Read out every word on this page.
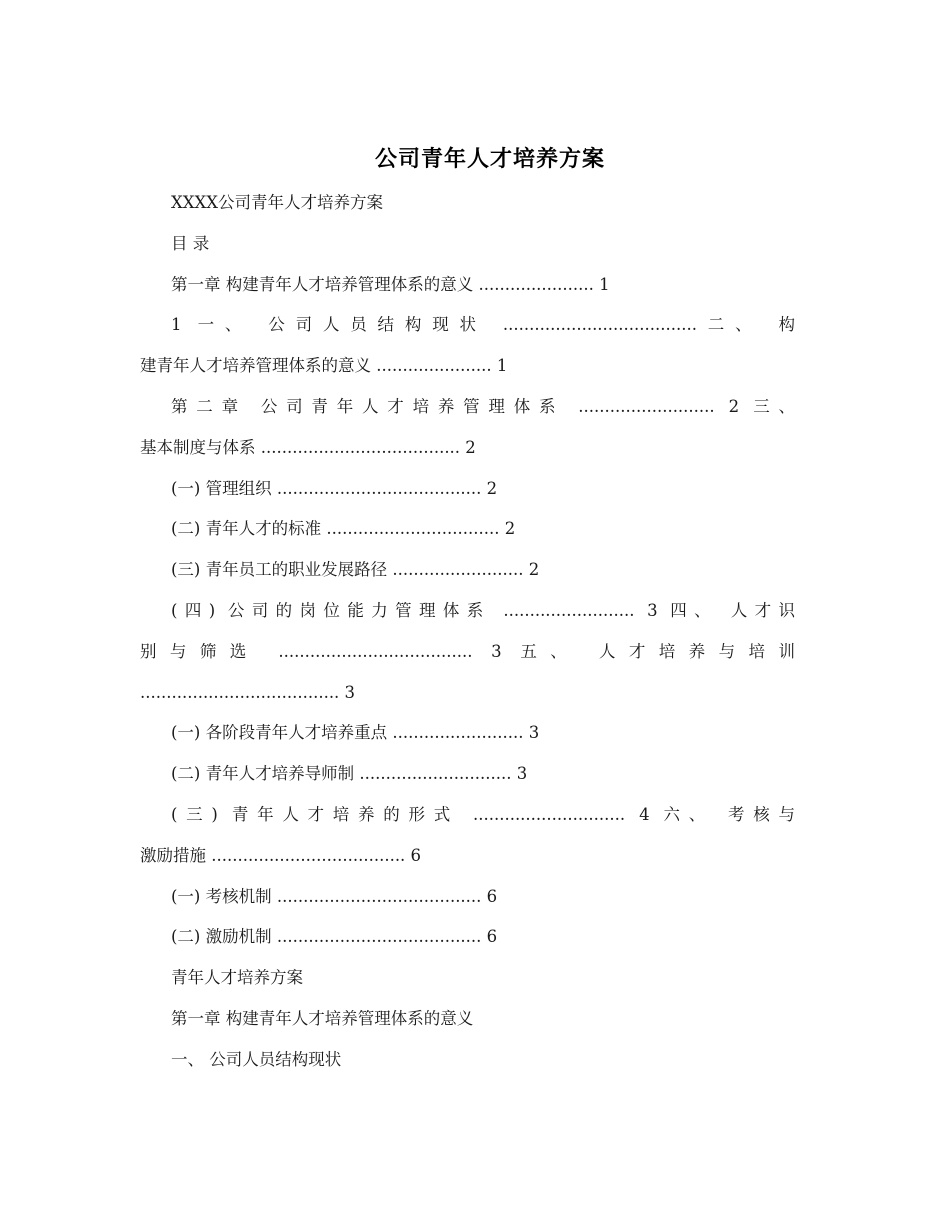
公司青年人才培养方案
XXXX公司青年人才培养方案
目 录
第一章 构建青年人才培养管理体系的意义 ...................... 1
1 一、 公司人员结构现状 .....................................二、 构
建青年人才培养管理体系的意义 ...................... 1
第二章 公司青年人才培养管理体系 .......................... 2 三、
基本制度与体系 ...................................... 2
(一) 管理组织 ....................................... 2
(二) 青年人才的标准 ................................. 2
(三) 青年员工的职业发展路径 ......................... 2
(四) 公司的岗位能力管理体系 ......................... 3 四、 人才识
别与筛选 ..................................... 3 五、 人才培养与培训
...................................... 3
(一) 各阶段青年人才培养重点 ......................... 3
(二) 青年人才培养导师制 ............................. 3
(三) 青年人才培养的形式 ............................. 4 六、 考核与
激励措施 ..................................... 6
(一) 考核机制 ....................................... 6
(二) 激励机制 ....................................... 6
青年人才培养方案
第一章 构建青年人才培养管理体系的意义
一、 公司人员结构现状
